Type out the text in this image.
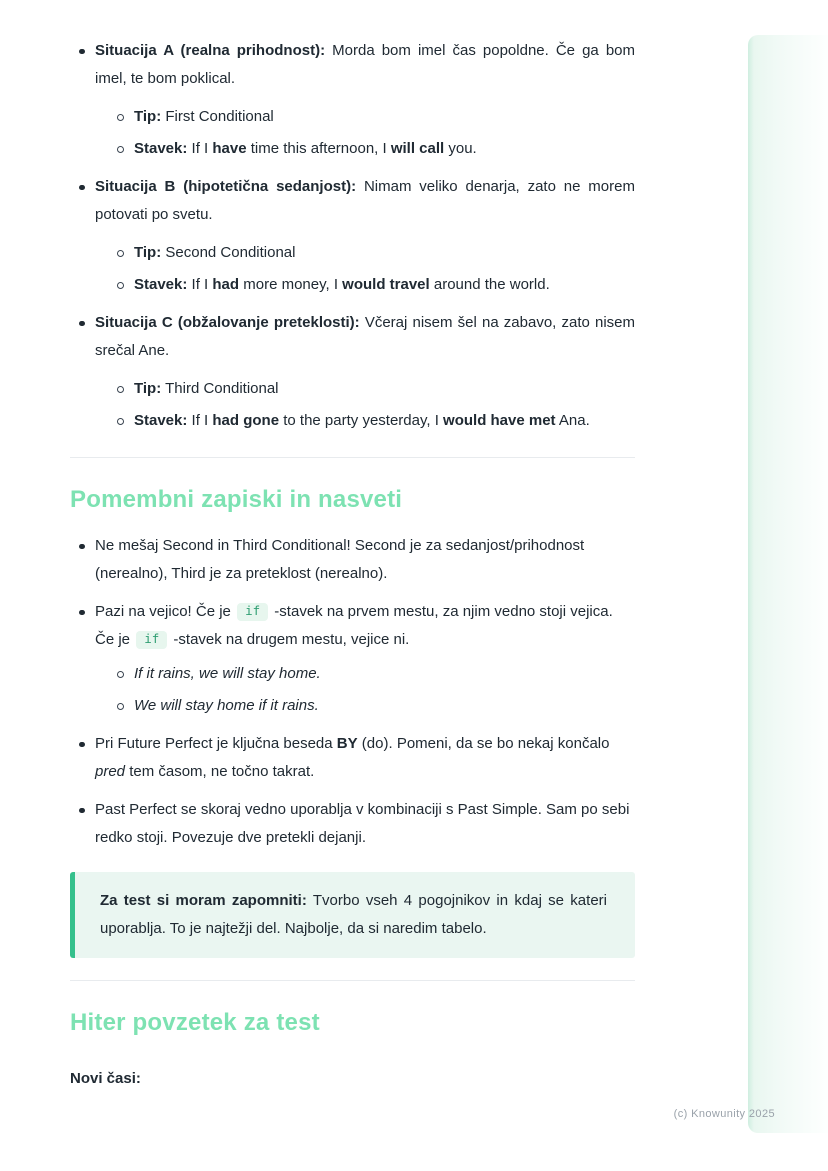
Situacija A (realna prihodnost): Morda bom imel čas popoldne. Če ga bom imel, te bom poklical.
Tip: First Conditional
Stavek: If I have time this afternoon, I will call you.
Situacija B (hipotetična sedanjost): Nimam veliko denarja, zato ne morem potovati po svetu.
Tip: Second Conditional
Stavek: If I had more money, I would travel around the world.
Situacija C (obžalovanje preteklosti): Včeraj nisem šel na zabavo, zato nisem srečal Ane.
Tip: Third Conditional
Stavek: If I had gone to the party yesterday, I would have met Ana.
Pomembni zapiski in nasveti
Ne mešaj Second in Third Conditional! Second je za sedanjost/prihodnost (nerealno), Third je za preteklost (nerealno).
Pazi na vejico! Če je if -stavek na prvem mestu, za njim vedno stoji vejica. Če je if -stavek na drugem mestu, vejice ni.
If it rains, we will stay home.
We will stay home if it rains.
Pri Future Perfect je ključna beseda BY (do). Pomeni, da se bo nekaj končalo pred tem časom, ne točno takrat.
Past Perfect se skoraj vedno uporablja v kombinaciji s Past Simple. Sam po sebi redko stoji. Povezuje dve pretekli dejanji.

Za test si moram zapomniti: Tvorbo vseh 4 pogojnikov in kdaj se kateri uporablja. To je najtežji del. Najbolje, da si naredim tabelo.

Hiter povzetek za test

Novi časi:

(c) Knowunity 2025
